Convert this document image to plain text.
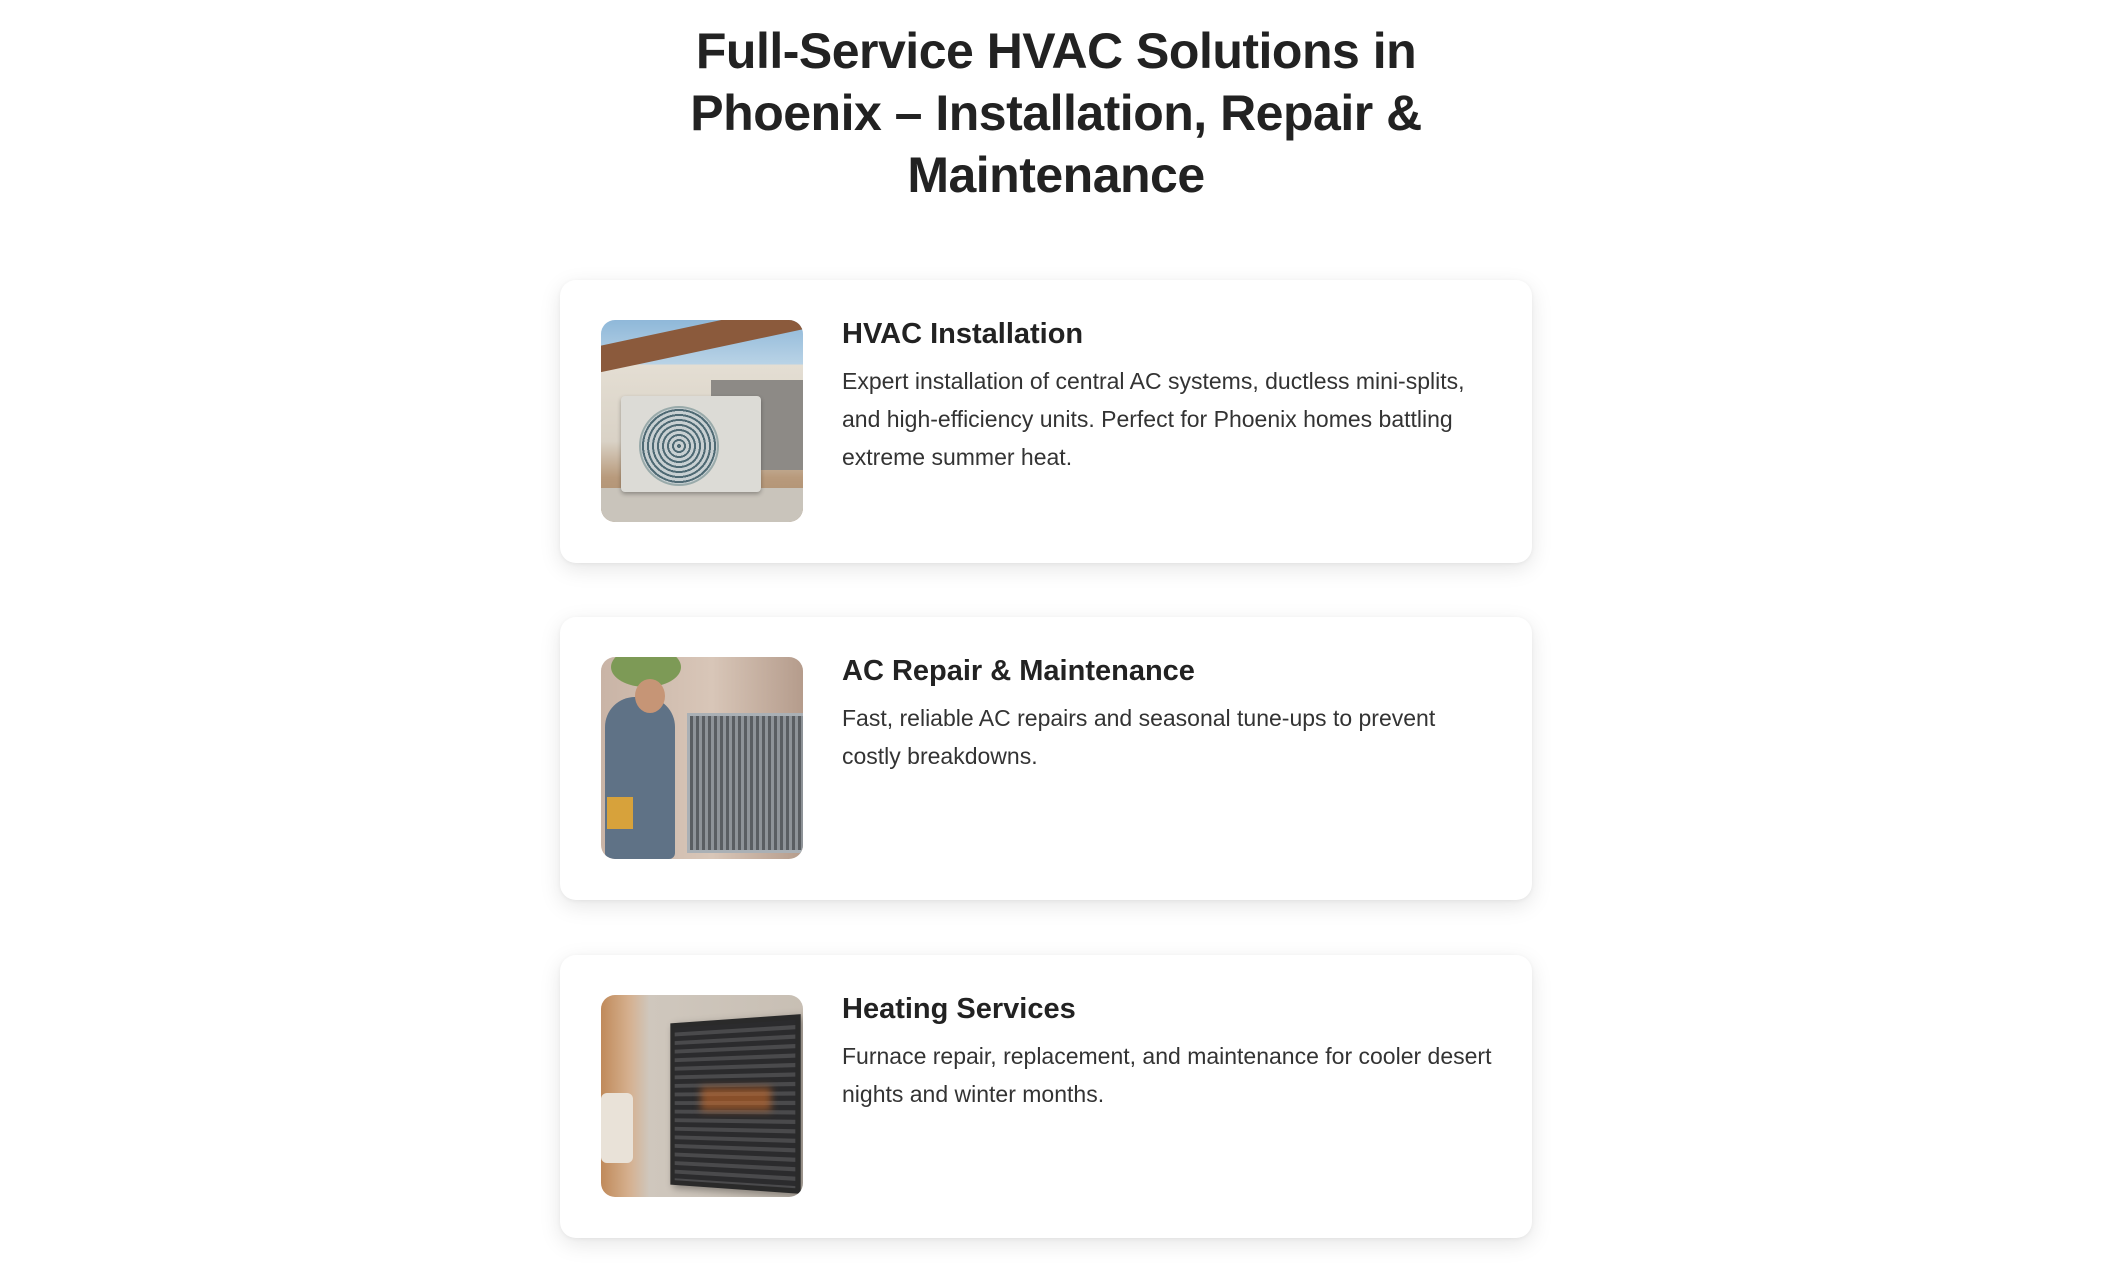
Full-Service HVAC Solutions in Phoenix – Installation, Repair & Maintenance
HVAC Installation

Expert installation of central AC systems, ductless mini-splits, and high-efficiency units. Perfect for Phoenix homes battling extreme summer heat.

AC Repair & Maintenance

Fast, reliable AC repairs and seasonal tune-ups to prevent costly breakdowns.

Heating Services

Furnace repair, replacement, and maintenance for cooler desert nights and winter months.
